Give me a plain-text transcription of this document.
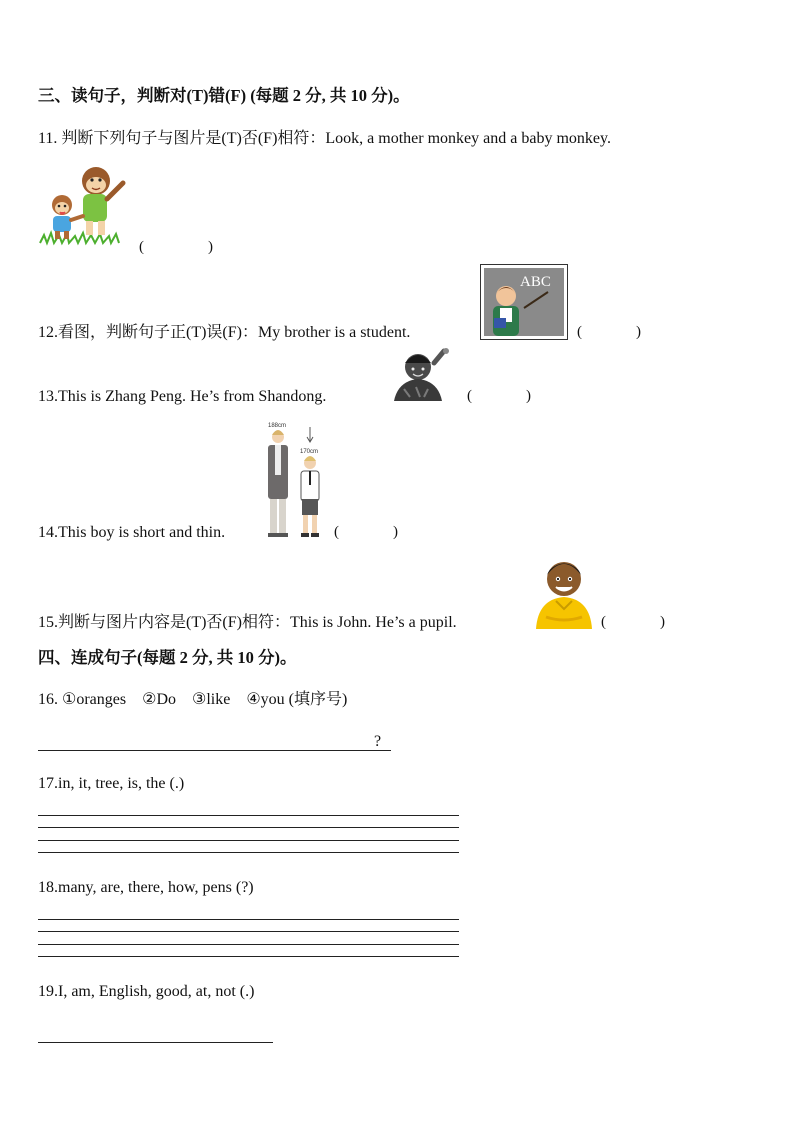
三、读句子，判断对(T)错(F) (每题 2 分, 共 10 分)。
11. 判断下列句子与图片是(T)否(F)相符：Look, a mother monkey and a baby monkey.
(	)
12.看图，判断句子正(T)误(F)：My brother is a student.
ABC
(	)
13.This is Zhang Peng. He’s from Shandong.	(	)
14.This boy is short and thin.
188cm
170cm
(	)
15.判断与图片内容是(T)否(F)相符：This is John. He’s a pupil.	(	)
四、连成句子(每题 2 分, 共 10 分)。
16. ①oranges    ②Do    ③like    ④you (填序号)
?
17.in, it, tree, is, the (.)
18.many, are, there, how, pens (?)
19.I, am, English, good, at, not (.)
